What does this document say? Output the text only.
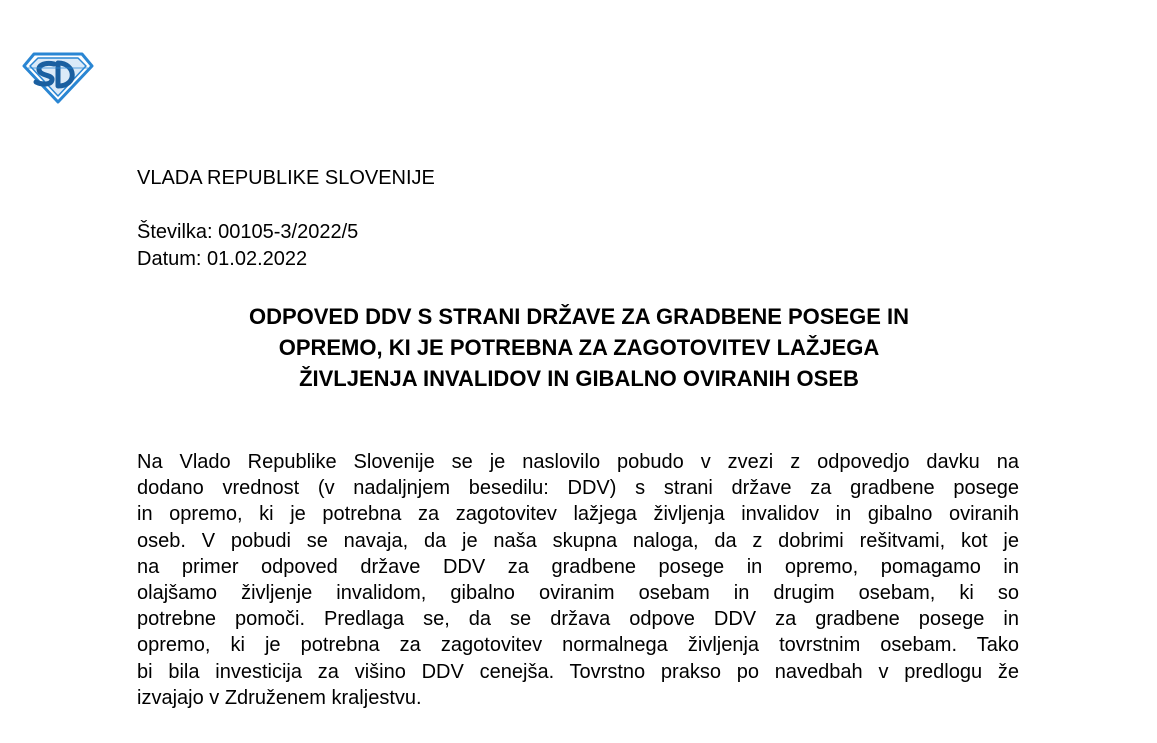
VLADA REPUBLIKE SLOVENIJE
Številka: 00105-3/2022/5
Datum: 01.02.2022
ODPOVED DDV S STRANI DRŽAVE ZA GRADBENE POSEGE IN
OPREMO, KI JE POTREBNA ZA ZAGOTOVITEV LAŽJEGA
ŽIVLJENJA INVALIDOV IN GIBALNO OVIRANIH OSEB
Na Vlado Republike Slovenije se je naslovilo pobudo v zvezi z odpovedjo davku na
dodano vrednost (v nadaljnjem besedilu: DDV) s strani države za gradbene posege
in opremo, ki je potrebna za zagotovitev lažjega življenja invalidov in gibalno oviranih
oseb. V pobudi se navaja, da je naša skupna naloga, da z dobrimi rešitvami, kot je
na primer odpoved države DDV za gradbene posege in opremo, pomagamo in
olajšamo življenje invalidom, gibalno oviranim osebam in drugim osebam, ki so
potrebne pomoči. Predlaga se, da se država odpove DDV za gradbene posege in
opremo, ki je potrebna za zagotovitev normalnega življenja tovrstnim osebam. Tako
bi bila investicija za višino DDV cenejša. Tovrstno prakso po navedbah v predlogu že
izvajajo v Združenem kraljestvu.
